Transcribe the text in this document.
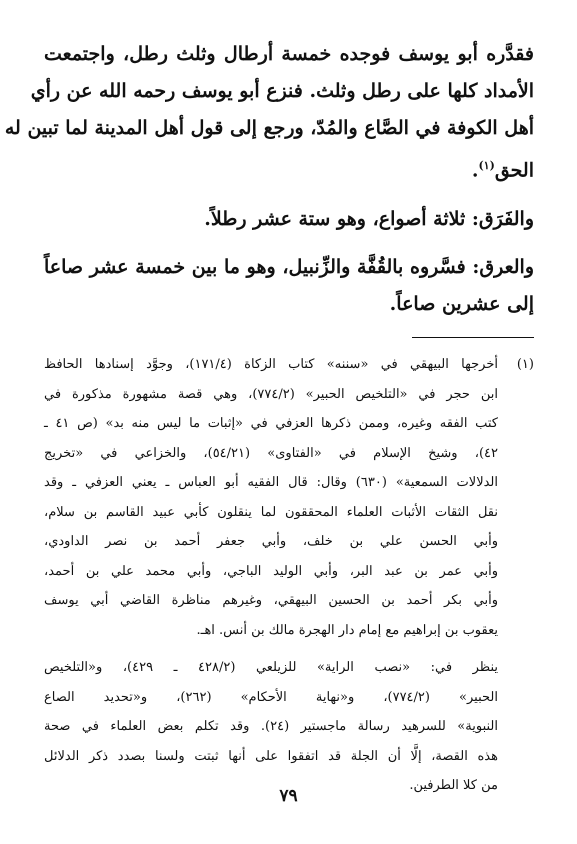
فقدَّره أبو يوسف فوجده خمسة أرطال وثلث رطل، واجتمعت
الأمداد كلها على رطل وثلث. فنزع أبو يوسف رحمه الله عن رأي
أهل الكوفة في الصَّاع والمُدّ، ورجع إلى قول أهل المدينة لما تبين له
الحق$^{(١)}$.
والفَرَق: ثلاثة أصواع، وهو ستة عشر رطلاً.
والعرق: فسَّروه بالقُفَّة والزِّنبيل، وهو ما بين خمسة عشر صاعاً
إلى عشرين صاعاً.
(١)أخرجها البيهقي في «سننه» كتاب الزكاة (١٧١/٤)، وجوَّد إسنادها الحافظ
ابن حجر في «التلخيص الحبير» (٧٧٤/٢)، وهي قصة مشهورة مذكورة في
كتب الفقه وغيره، وممن ذكرها العزفي في «إثبات ما ليس منه بد» (ص ٤١ ـ
٤٢)، وشيخ الإسلام في «الفتاوى» (٥٤/٢١)، والخزاعي في «تخريج
الدلالات السمعية» (٦٣٠) وقال: قال الفقيه أبو العباس ـ يعني العزفي ـ وقد
نقل الثقات الأثبات العلماء المحققون لما ينقلون كأبي عبيد القاسم بن سلام،
وأبي الحسن علي بن خلف، وأبي جعفر أحمد بن نصر الداودي،
وأبي عمر بن عبد البر، وأبي الوليد الباجي، وأبي محمد علي بن أحمد،
وأبي بكر أحمد بن الحسين البيهقي، وغيرهم مناظرة القاضي أبي يوسف
يعقوب بن إبراهيم مع إمام دار الهجرة مالك بن أنس. اهـ.
ينظر في: «نصب الراية» للزيلعي (٤٢٨/٢ ـ ٤٢٩)، و«التلخيص
الحبير» (٧٧٤/٢)، و«نهاية الأحكام» (٢٦٢)، و«تحديد الصاع
النبوية» للسرهيد رسالة ماجستير (٢٤). وقد تكلم بعض العلماء في صحة
هذه القصة، إلَّا أن الجلة قد اتفقوا على أنها ثبتت ولسنا بصدد ذكر الدلائل
من كلا الطرفين.
٧٩
